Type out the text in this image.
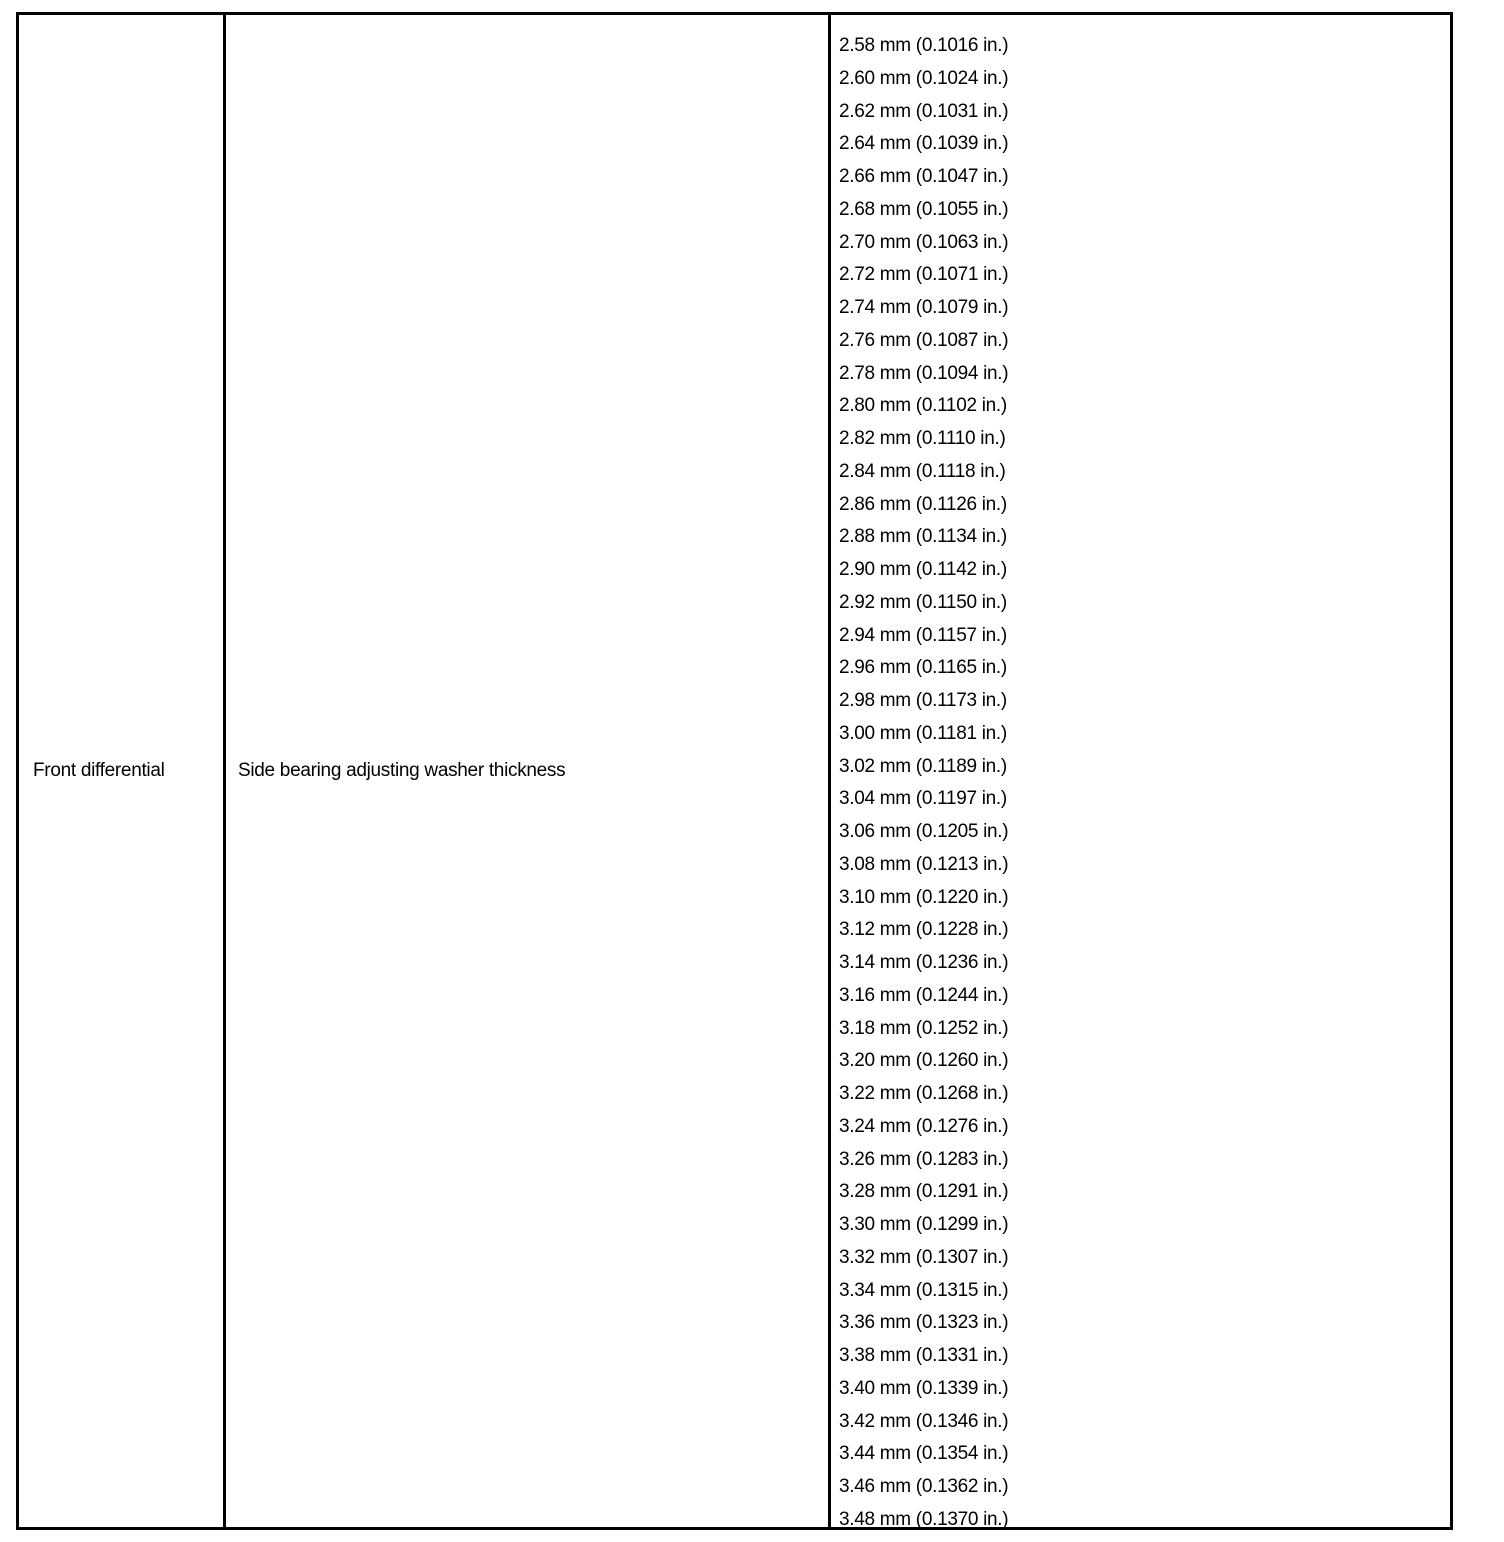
Front differential	Side bearing adjusting washer thickness
2.58 mm (0.1016 in.)
2.60 mm (0.1024 in.)
2.62 mm (0.1031 in.)
2.64 mm (0.1039 in.)
2.66 mm (0.1047 in.)
2.68 mm (0.1055 in.)
2.70 mm (0.1063 in.)
2.72 mm (0.1071 in.)
2.74 mm (0.1079 in.)
2.76 mm (0.1087 in.)
2.78 mm (0.1094 in.)
2.80 mm (0.1102 in.)
2.82 mm (0.1110 in.)
2.84 mm (0.1118 in.)
2.86 mm (0.1126 in.)
2.88 mm (0.1134 in.)
2.90 mm (0.1142 in.)
2.92 mm (0.1150 in.)
2.94 mm (0.1157 in.)
2.96 mm (0.1165 in.)
2.98 mm (0.1173 in.)
3.00 mm (0.1181 in.)
3.02 mm (0.1189 in.)
3.04 mm (0.1197 in.)
3.06 mm (0.1205 in.)
3.08 mm (0.1213 in.)
3.10 mm (0.1220 in.)
3.12 mm (0.1228 in.)
3.14 mm (0.1236 in.)
3.16 mm (0.1244 in.)
3.18 mm (0.1252 in.)
3.20 mm (0.1260 in.)
3.22 mm (0.1268 in.)
3.24 mm (0.1276 in.)
3.26 mm (0.1283 in.)
3.28 mm (0.1291 in.)
3.30 mm (0.1299 in.)
3.32 mm (0.1307 in.)
3.34 mm (0.1315 in.)
3.36 mm (0.1323 in.)
3.38 mm (0.1331 in.)
3.40 mm (0.1339 in.)
3.42 mm (0.1346 in.)
3.44 mm (0.1354 in.)
3.46 mm (0.1362 in.)
3.48 mm (0.1370 in.)
